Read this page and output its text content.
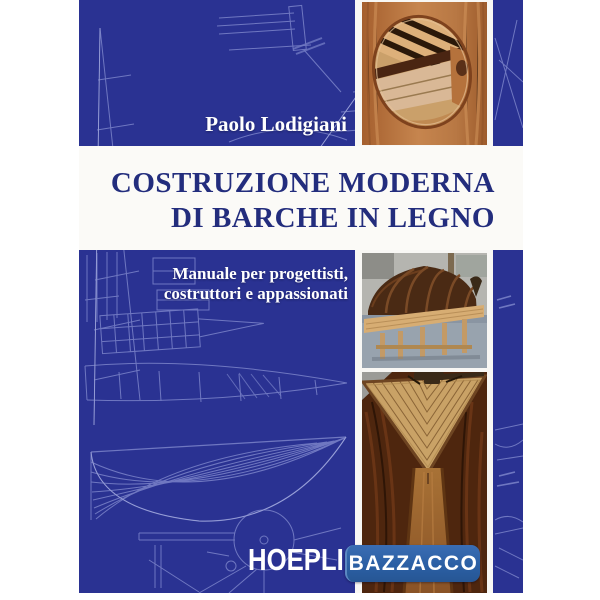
Paolo Lodigiani
COSTRUZIONE MODERNA
DI BARCHE IN LEGNO
Manuale per progettisti,
costruttori e appassionati
HOEPLI BAZZACCO
